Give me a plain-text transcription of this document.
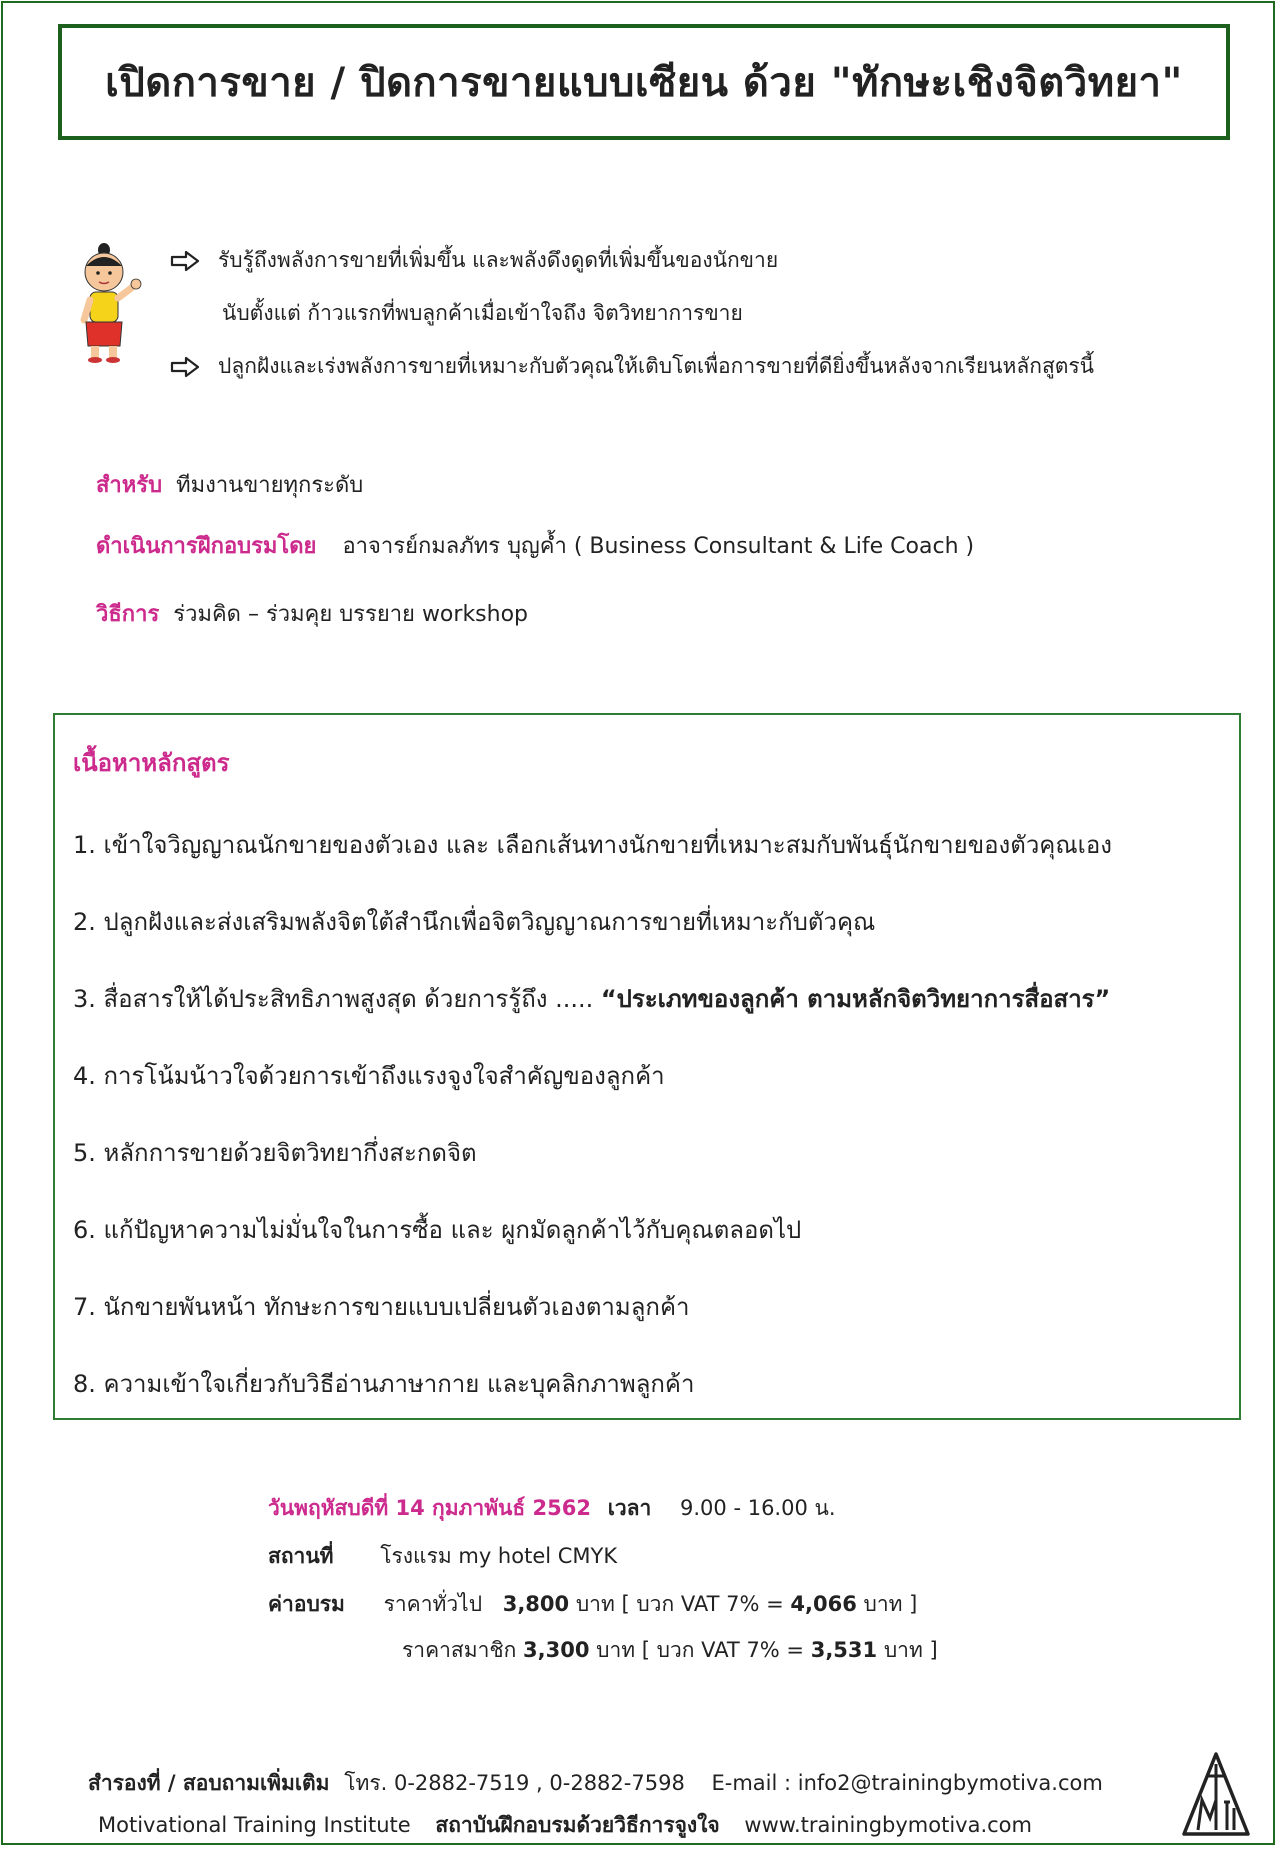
เปิดการขาย / ปิดการขายแบบเซียน ด้วย "ทักษะเชิงจิตวิทยา"
รับรู้ถึงพลังการขายที่เพิ่มขึ้น และพลังดึงดูดที่เพิ่มขึ้นของนักขาย
นับตั้งแต่ ก้าวแรกที่พบลูกค้าเมื่อเข้าใจถึง จิตวิทยาการขาย
ปลูกฝังและเร่งพลังการขายที่เหมาะกับตัวคุณให้เติบโตเพื่อการขายที่ดียิ่งขึ้นหลังจากเรียนหลักสูตรนี้
สำหรับ ทีมงานขายทุกระดับ
ดำเนินการฝึกอบรมโดย อาจารย์กมลภัทร บุญค้ำ ( Business Consultant & Life Coach )
วิธีการ ร่วมคิด – ร่วมคุย บรรยาย workshop
เนื้อหาหลักสูตร
1. เข้าใจวิญญาณนักขายของตัวเอง และ เลือกเส้นทางนักขายที่เหมาะสมกับพันธุ์นักขายของตัวคุณเอง
2. ปลูกฝังและส่งเสริมพลังจิตใต้สำนึกเพื่อจิตวิญญาณการขายที่เหมาะกับตัวคุณ
3. สื่อสารให้ได้ประสิทธิภาพสูงสุด ด้วยการรู้ถึง ..... “ประเภทของลูกค้า ตามหลักจิตวิทยาการสื่อสาร”
4. การโน้มน้าวใจด้วยการเข้าถึงแรงจูงใจสำคัญของลูกค้า
5. หลักการขายด้วยจิตวิทยากึ่งสะกดจิต
6. แก้ปัญหาความไม่มั่นใจในการซื้อ และ ผูกมัดลูกค้าไว้กับคุณตลอดไป
7. นักขายพันหน้า ทักษะการขายแบบเปลี่ยนตัวเองตามลูกค้า
8. ความเข้าใจเกี่ยวกับวิธีอ่านภาษากาย และบุคลิกภาพลูกค้า
วันพฤหัสบดีที่ 14 กุมภาพันธ์ 2562 เวลา 9.00 - 16.00 น.
สถานที่ โรงแรม my hotel CMYK
ค่าอบรม ราคาทั่วไป 3,800 บาท [ บวก VAT 7% = 4,066 บาท ]
ราคาสมาชิก 3,300 บาท [ บวก VAT 7% = 3,531 บาท ]
สำรองที่ / สอบถามเพิ่มเติม โทร. 0-2882-7519 , 0-2882-7598 E-mail : info2@trainingbymotiva.com
Motivational Training Institute สถาบันฝึกอบรมด้วยวิธีการจูงใจ www.trainingbymotiva.com
